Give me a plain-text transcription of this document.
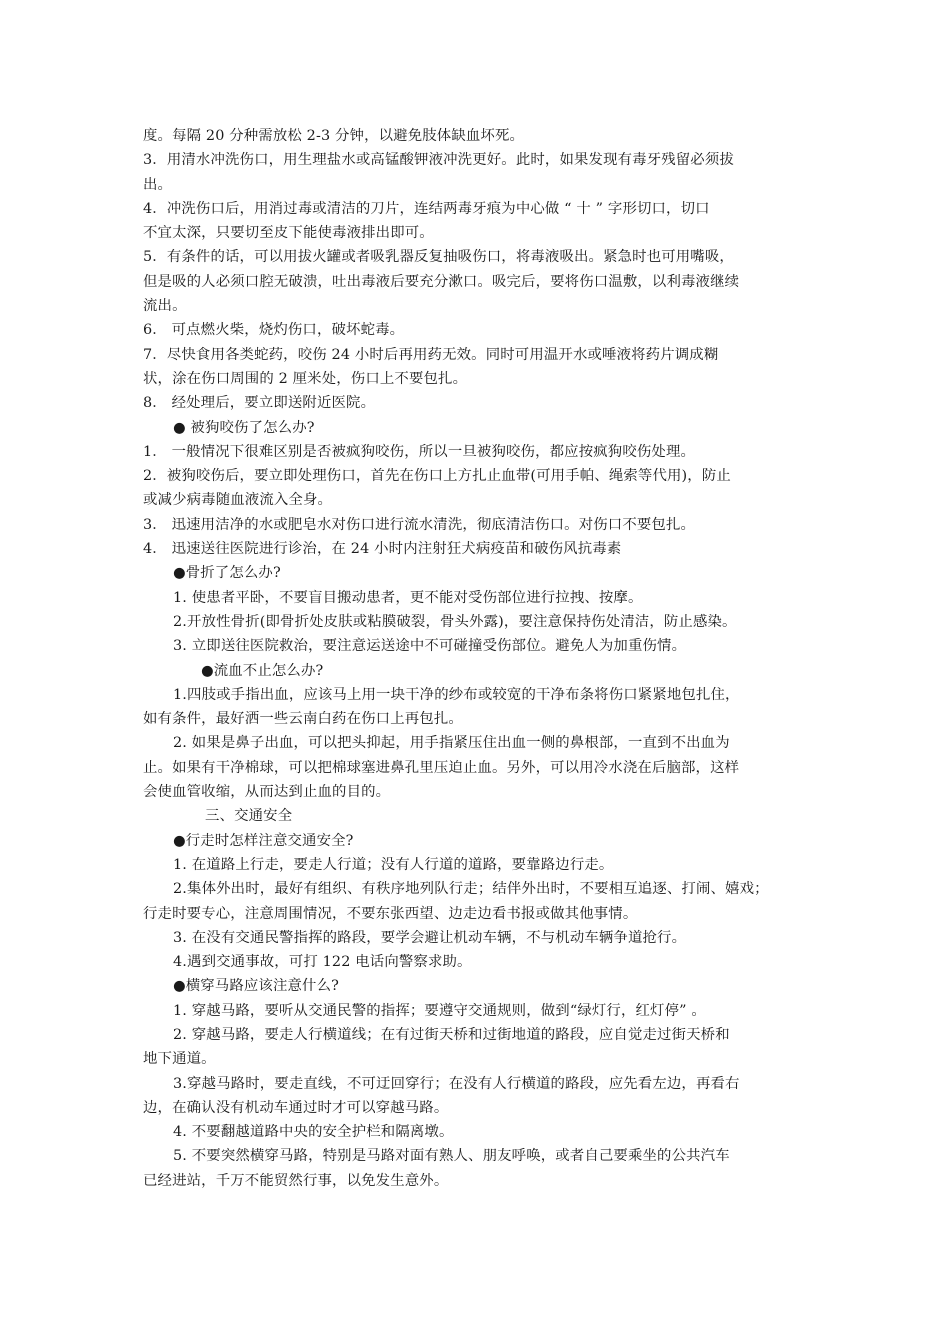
度。每隔 20 分种需放松 2-3 分钟，以避免肢体缺血坏死。
3．用清水冲洗伤口，用生理盐水或高锰酸钾液冲洗更好。此时，如果发现有毒牙残留必须拔
出。
4．冲洗伤口后，用消过毒或清洁的刀片，连结两毒牙痕为中心做 “ 十 ” 字形切口，切口
不宜太深，只要切至皮下能使毒液排出即可。
5．有条件的话，可以用拔火罐或者吸乳器反复抽吸伤口，将毒液吸出。紧急时也可用嘴吸，
但是吸的人必须口腔无破溃，吐出毒液后要充分漱口。吸完后，要将伤口温敷，以利毒液继续
流出。
6． 可点燃火柴，烧灼伤口，破坏蛇毒。
7．尽快食用各类蛇药，咬伤 24 小时后再用药无效。同时可用温开水或唾液将药片调成糊
状，涂在伤口周围的 2 厘米处，伤口上不要包扎。
8． 经处理后，要立即送附近医院。
● 被狗咬伤了怎么办?
1． 一般情况下很难区别是否被疯狗咬伤，所以一旦被狗咬伤，都应按疯狗咬伤处理。
2．被狗咬伤后，要立即处理伤口，首先在伤口上方扎止血带(可用手帕、绳索等代用)，防止
或减少病毒随血液流入全身。
3． 迅速用洁净的水或肥皂水对伤口进行流水清洗，彻底清洁伤口。对伤口不要包扎。
4． 迅速送往医院进行诊治，在 24 小时内注射狂犬病疫苗和破伤风抗毒素
●骨折了怎么办?
1. 使患者平卧，不要盲目搬动患者，更不能对受伤部位进行拉拽、按摩。
2.开放性骨折(即骨折处皮肤或粘膜破裂，骨头外露)，要注意保持伤处清洁，防止感染。
3. 立即送往医院救治，要注意运送途中不可碰撞受伤部位。避免人为加重伤情。
●流血不止怎么办?
1.四肢或手指出血，应该马上用一块干净的纱布或较宽的干净布条将伤口紧紧地包扎住，
如有条件，最好洒一些云南白药在伤口上再包扎。
2. 如果是鼻子出血，可以把头抑起，用手指紧压住出血一侧的鼻根部，一直到不出血为
止。如果有干净棉球，可以把棉球塞进鼻孔里压迫止血。另外，可以用冷水浇在后脑部，这样
会使血管收缩，从而达到止血的目的。
三、交通安全
●行走时怎样注意交通安全?
1. 在道路上行走，要走人行道；没有人行道的道路，要靠路边行走。
2.集体外出时，最好有组织、有秩序地列队行走；结伴外出时，不要相互追逐、打闹、嬉戏；
行走时要专心，注意周围情况，不要东张西望、边走边看书报或做其他事情。
3. 在没有交通民警指挥的路段，要学会避让机动车辆，不与机动车辆争道抢行。
4.遇到交通事故，可打 122 电话向警察求助。
●横穿马路应该注意什么?
1. 穿越马路，要听从交通民警的指挥；要遵守交通规则，做到“绿灯行，红灯停” 。
2. 穿越马路，要走人行横道线；在有过街天桥和过街地道的路段，应自觉走过街天桥和
地下通道。
3.穿越马路时，要走直线，不可迂回穿行；在没有人行横道的路段，应先看左边，再看右
边，在确认没有机动车通过时才可以穿越马路。
4. 不要翻越道路中央的安全护栏和隔离墩。
5. 不要突然横穿马路，特别是马路对面有熟人、朋友呼唤，或者自己要乘坐的公共汽车
已经进站，千万不能贸然行事，以免发生意外。
